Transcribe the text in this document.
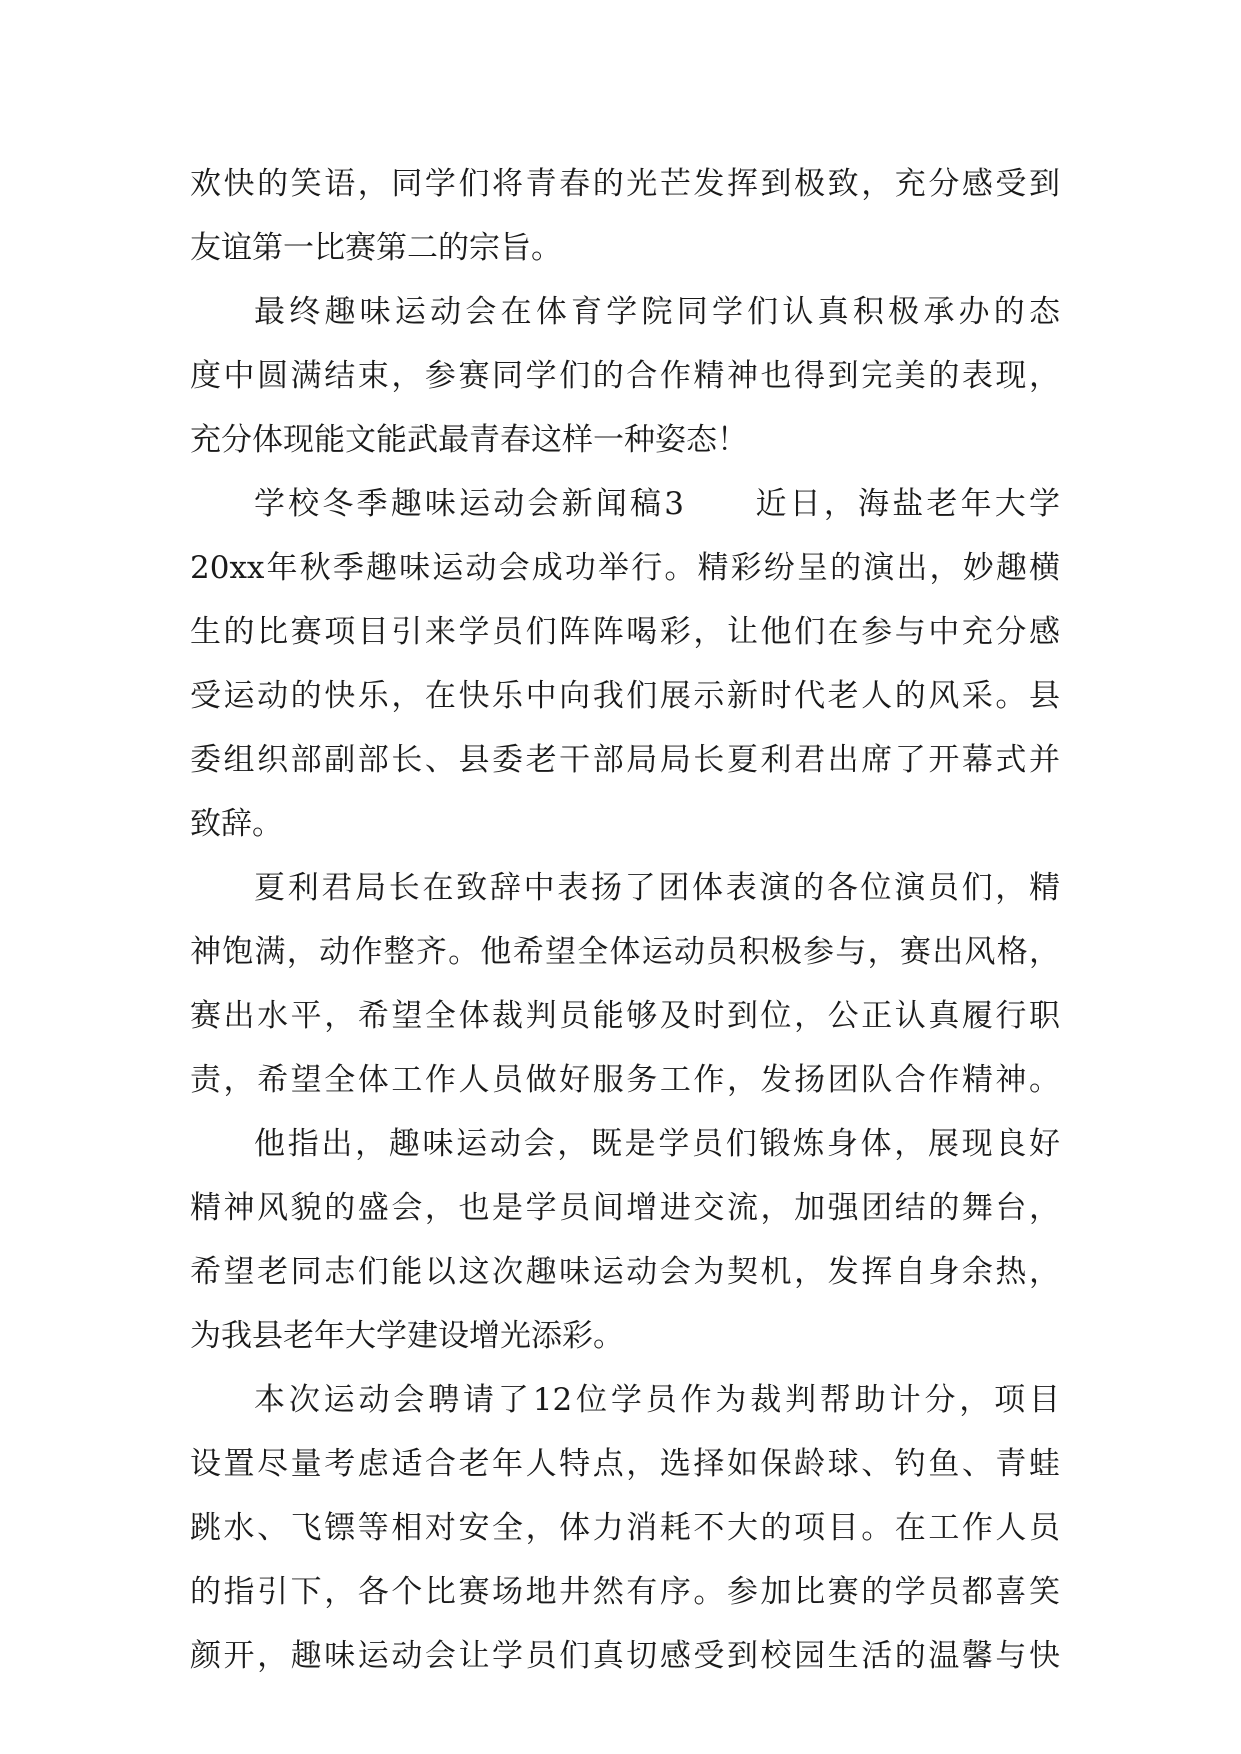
欢快的笑语，同学们将青春的光芒发挥到极致，充分感受到

友谊第一比赛第二的宗旨。

最终趣味运动会在体育学院同学们认真积极承办的态

度中圆满结束，参赛同学们的合作精神也得到完美的表现，

充分体现能文能武最青春这样一种姿态！

学校冬季趣味运动会新闻稿3　　近日，海盐老年大学

20xx年秋季趣味运动会成功举行。精彩纷呈的演出，妙趣横

生的比赛项目引来学员们阵阵喝彩，让他们在参与中充分感

受运动的快乐，在快乐中向我们展示新时代老人的风采。县

委组织部副部长、县委老干部局局长夏利君出席了开幕式并

致辞。

夏利君局长在致辞中表扬了团体表演的各位演员们，精

神饱满，动作整齐。他希望全体运动员积极参与，赛出风格，

赛出水平，希望全体裁判员能够及时到位，公正认真履行职

责，希望全体工作人员做好服务工作，发扬团队合作精神。

他指出，趣味运动会，既是学员们锻炼身体，展现良好

精神风貌的盛会，也是学员间增进交流，加强团结的舞台，

希望老同志们能以这次趣味运动会为契机，发挥自身余热，

为我县老年大学建设增光添彩。

本次运动会聘请了12位学员作为裁判帮助计分，项目

设置尽量考虑适合老年人特点，选择如保龄球、钓鱼、青蛙

跳水、飞镖等相对安全，体力消耗不大的项目。在工作人员

的指引下，各个比赛场地井然有序。参加比赛的学员都喜笑

颜开，趣味运动会让学员们真切感受到校园生活的温馨与快
